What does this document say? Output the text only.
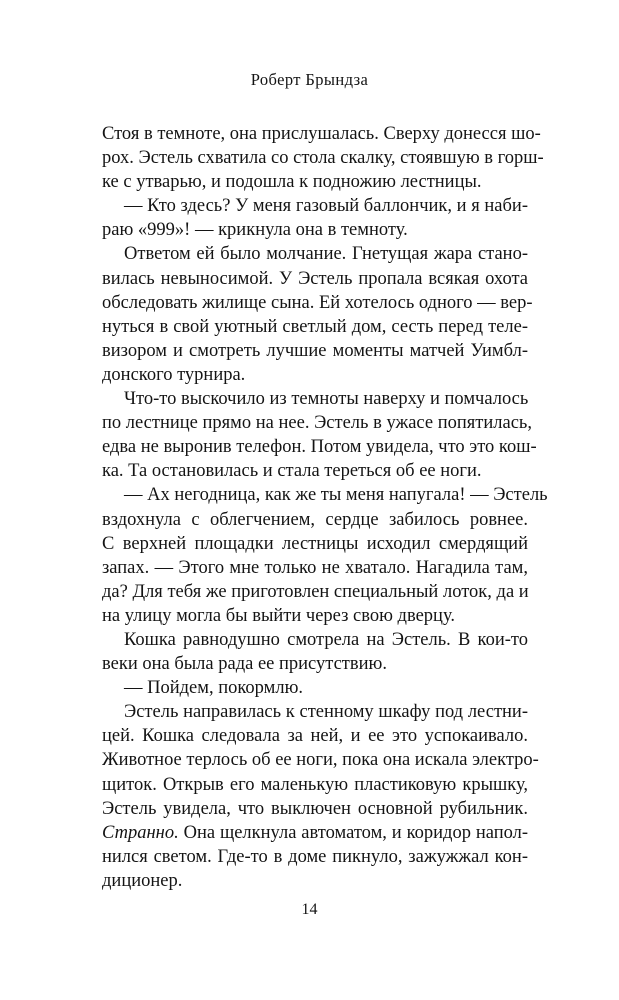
Роберт Брындза
Стоя в темноте, она прислушалась. Сверху донесся шо-
рох. Эстель схватила со стола скалку, стоявшую в горш-
ке с утварью, и подошла к подножию лестницы.
— Кто здесь? У меня газовый баллончик, и я наби-
раю «999»! — крикнула она в темноту.
Ответом ей было молчание. Гнетущая жара стано-
вилась невыносимой. У Эстель пропала всякая охота
обследовать жилище сына. Ей хотелось одного — вер-
нуться в свой уютный светлый дом, сесть перед теле-
визором и смотреть лучшие моменты матчей Уимбл-
донского турнира.
Что-то выскочило из темноты наверху и помчалось
по лестнице прямо на нее. Эстель в ужасе попятилась,
едва не выронив телефон. Потом увидела, что это кош-
ка. Та остановилась и стала тереться об ее ноги.
— Ах негодница, как же ты меня напугала! — Эстель
вздохнула с облегчением, сердце забилось ровнее.
С верхней площадки лестницы исходил смердящий
запах. — Этого мне только не хватало. Нагадила там,
да? Для тебя же приготовлен специальный лоток, да и
на улицу могла бы выйти через свою дверцу.
Кошка равнодушно смотрела на Эстель. В кои-то
веки она была рада ее присутствию.
— Пойдем, покормлю.
Эстель направилась к стенному шкафу под лестни-
цей. Кошка следовала за ней, и ее это успокаивало.
Животное терлось об ее ноги, пока она искала электро-
щиток. Открыв его маленькую пластиковую крышку,
Эстель увидела, что выключен основной рубильник.
Странно. Она щелкнула автоматом, и коридор напол-
нился светом. Где-то в доме пикнуло, зажужжал кон-
диционер.
14
